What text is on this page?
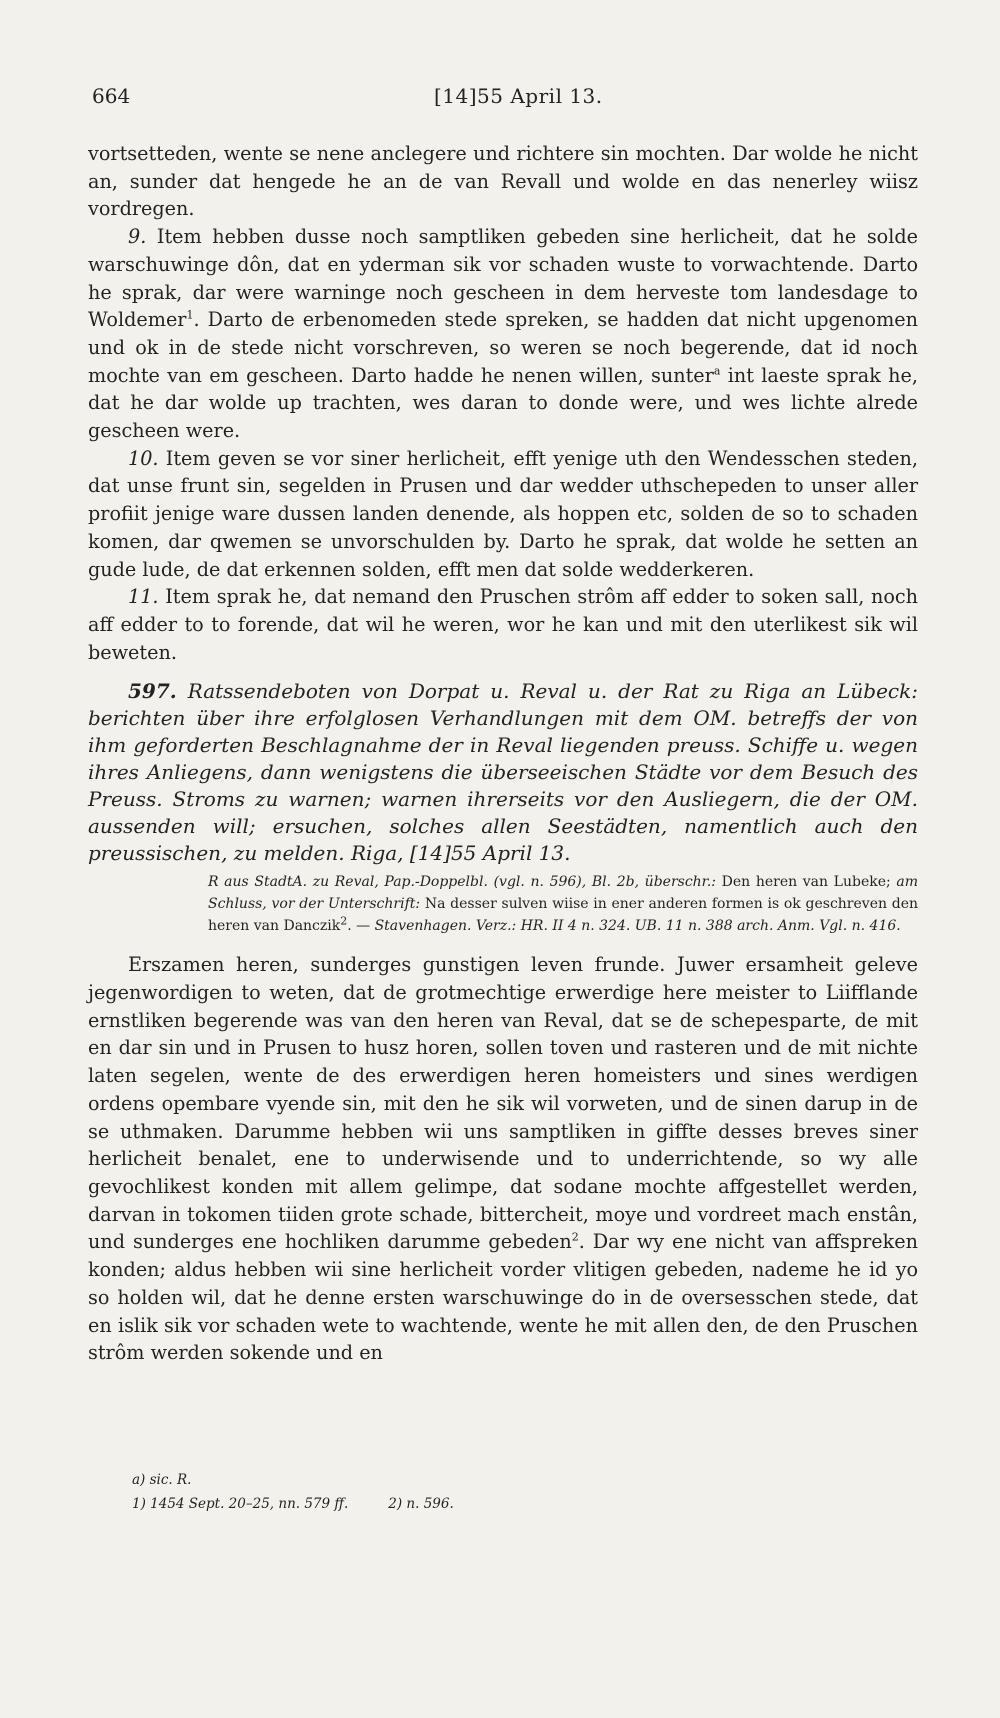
664	[14]55 April 13.

vortsetteden, wente se nene anclegere und richtere sin mochten. Dar wolde he nicht an, sunder dat hengede he an de van Revall und wolde en das nenerley wiisz vordregen.

9. Item hebben dusse noch samptliken gebeden sine herlicheit, dat he solde warschuwinge dôn, dat en yderman sik vor schaden wuste to vorwachtende. Darto he sprak, dar were warninge noch gescheen in dem herveste tom landesdage to Woldemer$^1$. Darto de erbenomeden stede spreken, se hadden dat nicht upgenomen und ok in de stede nicht vorschreven, so weren se noch begerende, dat id noch mochte van em gescheen. Darto hadde he nenen willen, sunter$^a$ int laeste sprak he, dat he dar wolde up trachten, wes daran to donde were, und wes lichte alrede gescheen were.

10. Item geven se vor siner herlicheit, efft yenige uth den Wendesschen steden, dat unse frunt sin, segelden in Prusen und dar wedder uthschepeden to unser aller profiit jenige ware dussen landen denende, als hoppen etc, solden de so to schaden komen, dar qwemen se unvorschulden by. Darto he sprak, dat wolde he setten an gude lude, de dat erkennen solden, efft men dat solde wedderkeren.

11. Item sprak he, dat nemand den Pruschen strôm aff edder to soken sall, noch aff edder to to forende, dat wil he weren, wor he kan und mit den uterlikest sik wil beweten.

597. Ratssendeboten von Dorpat u. Reval u. der Rat zu Riga an Lübeck: berichten über ihre erfolglosen Verhandlungen mit dem OM. betreffs der von ihm geforderten Beschlagnahme der in Reval liegenden preuss. Schiffe u. wegen ihres Anliegens, dann wenigstens die überseeischen Städte vor dem Besuch des Preuss. Stroms zu warnen; warnen ihrerseits vor den Ausliegern, die der OM. aussenden will; ersuchen, solches allen Seestädten, namentlich auch den preussischen, zu melden. Riga, [14]55 April 13.

R aus StadtA. zu Reval, Pap.-Doppelbl. (vgl. n. 596), Bl. 2b, überschr.: Den heren van Lubeke; am Schluss, vor der Unterschrift: Na desser sulven wiise in ener anderen formen is ok geschreven den heren van Danczik$^2$. — Stavenhagen. Verz.: HR. II 4 n. 324. UB. 11 n. 388 arch. Anm. Vgl. n. 416.

Erszamen heren, sunderges gunstigen leven frunde. Juwer ersamheit geleve jegenwordigen to weten, dat de grotmechtige erwerdige here meister to Liifflande ernstliken begerende was van den heren van Reval, dat se de schepesparte, de mit en dar sin und in Prusen to husz horen, sollen toven und rasteren und de mit nichte laten segelen, wente de des erwerdigen heren homeisters und sines werdigen ordens opembare vyende sin, mit den he sik wil vorweten, und de sinen darup in de se uthmaken. Darumme hebben wii uns samptliken in giffte desses breves siner herlicheit benalet, ene to underwisende und to underrichtende, so wy alle gevochlikest konden mit allem gelimpe, dat sodane mochte affgestellet werden, darvan in tokomen tiiden grote schade, bittercheit, moye und vordreet mach enstân, und sunderges ene hochliken darumme gebeden$^2$. Dar wy ene nicht van affspreken konden; aldus hebben wii sine herlicheit vorder vlitigen gebeden, nademe he id yo so holden wil, dat he denne ersten warschuwinge do in de oversesschen stede, dat en islik sik vor schaden wete to wachtende, wente he mit allen den, de den Pruschen strôm werden sokende und en

a) sic. R.
1) 1454 Sept. 20–25, nn. 579 ff.	2) n. 596.
